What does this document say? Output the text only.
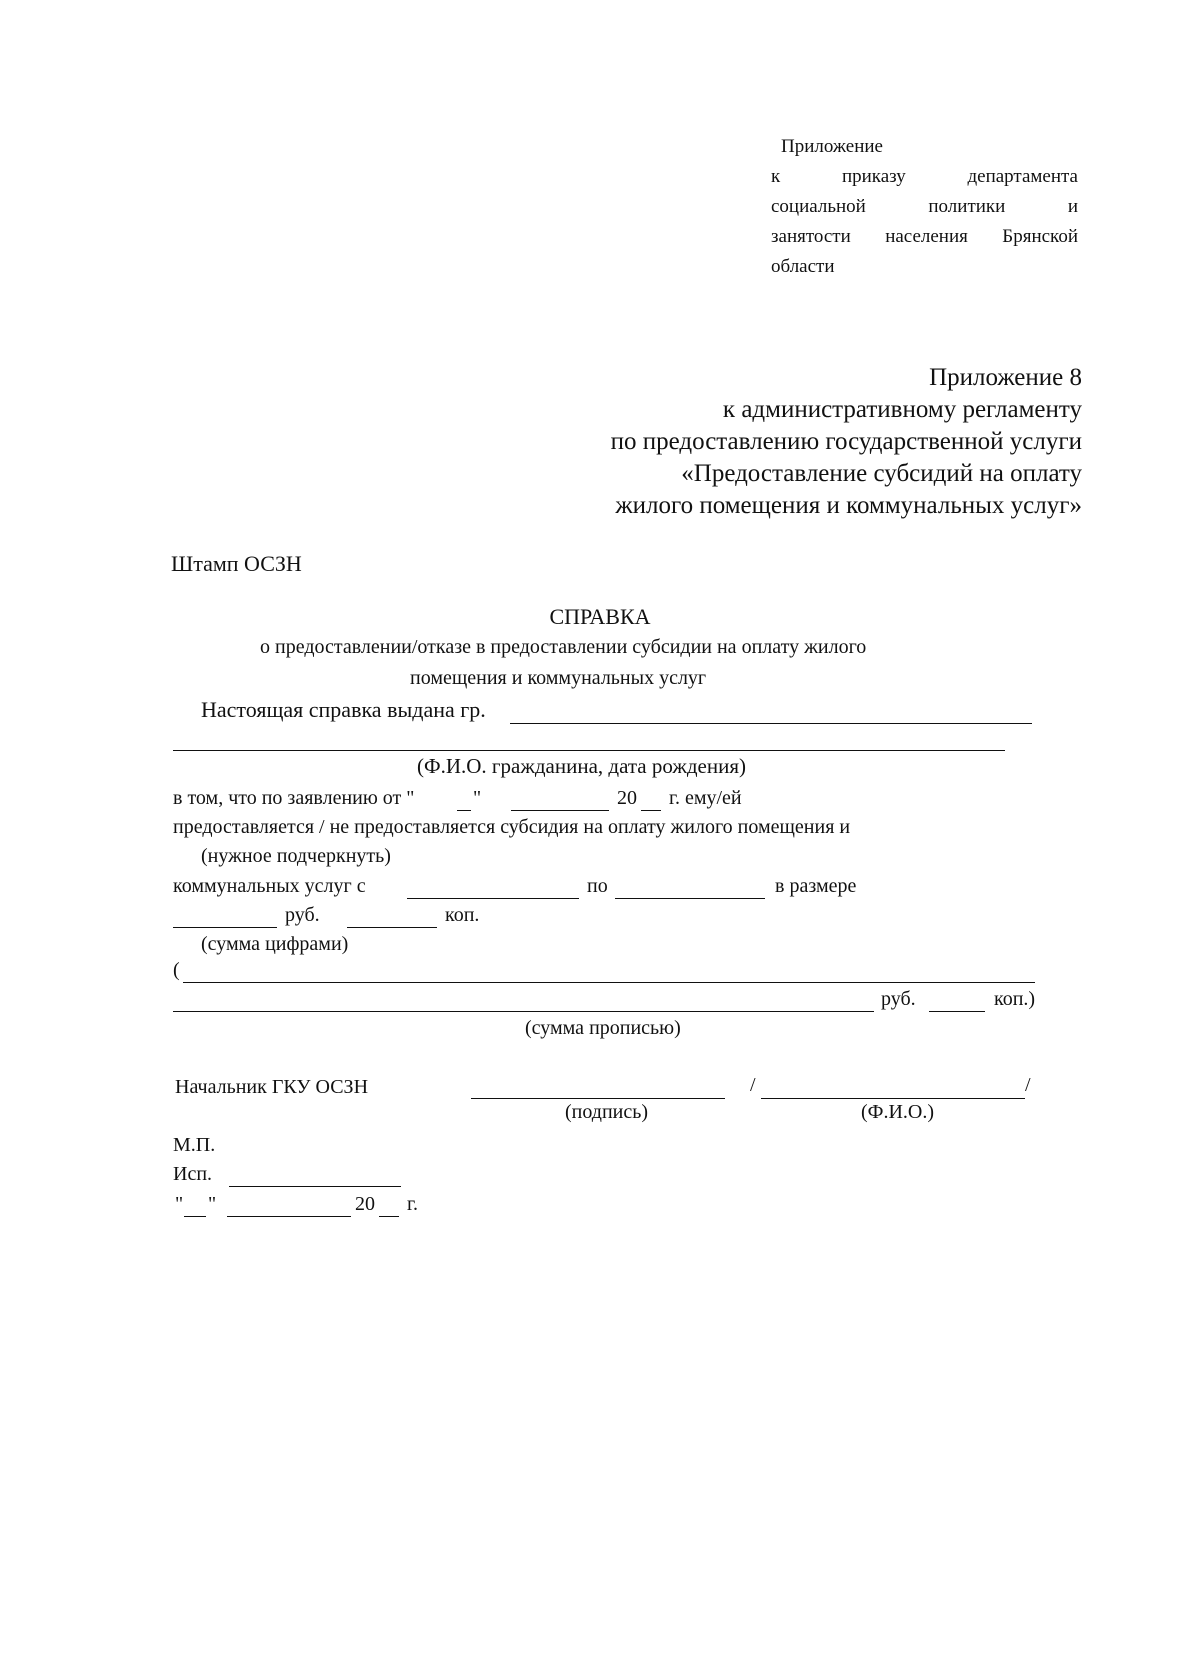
Приложение
к	приказу	департамента
социальной	политики	и
занятости населения Брянской
области
Приложение 8
к административному регламенту
по предоставлению государственной услуги
«Предоставление субсидий на оплату
жилого помещения и коммунальных услуг»
Штамп ОСЗН
СПРАВКА
о предоставлении/отказе в предоставлении субсидии на оплату жилого
помещения и коммунальных услуг
Настоящая справка выдана гр.
(Ф.И.О. гражданина, дата рождения)
в том, что по заявлению от "	"	20 г. ему/ей
предоставляется / не предоставляется субсидия на оплату жилого помещения и
(нужное подчеркнуть)
коммунальных услуг с	по	в размере
руб.	коп.
(сумма цифрами)
(
руб.	коп.)
(сумма прописью)
Начальник ГКУ ОСЗН	/	/
(подпись)	(Ф.И.О.)
М.П.
Исп.
" "	20 г.
